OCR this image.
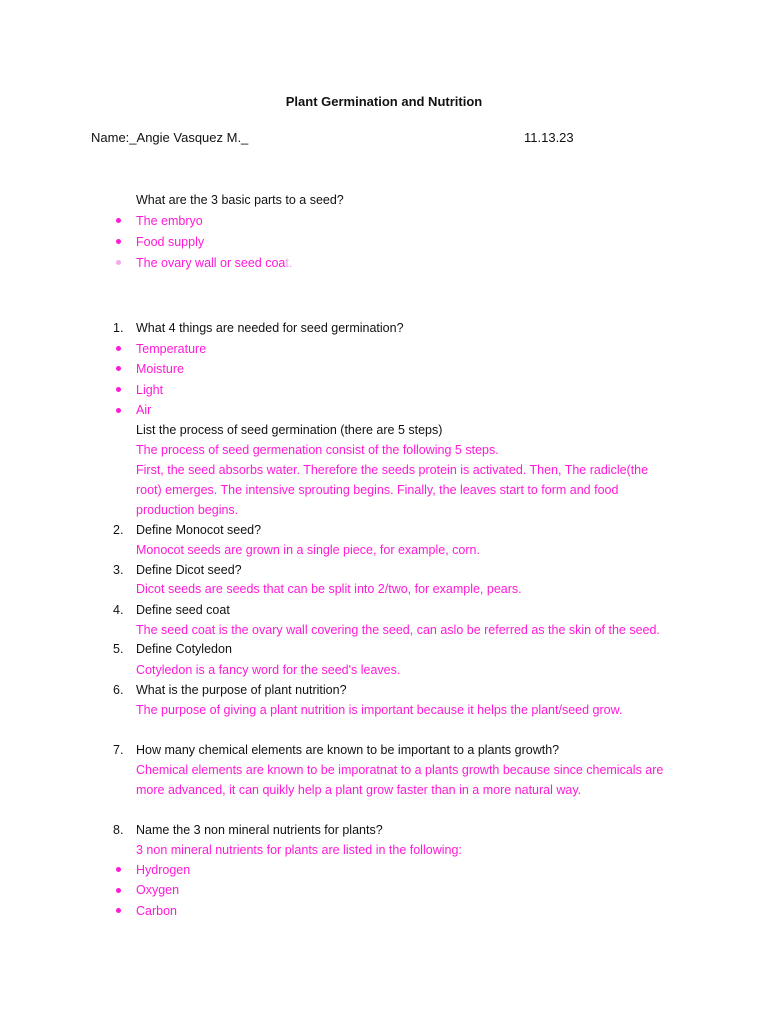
Plant Germination and Nutrition
Name:_Angie Vasquez M._	11.13.23
What are the 3 basic parts to a seed?
The embryo
Food supply
The ovary wall or seed coat.
1. What 4 things are needed for seed germination?
Temperature
Moisture
Light
Air
List the process of seed germination (there are 5 steps)
The process of seed germenation consist of the following 5 steps.
First, the seed absorbs water. Therefore the seeds protein is activated. Then, The radicle(the
root) emerges. The intensive sprouting begins. Finally, the leaves start to form and food
production begins.
2. Define Monocot seed?
Monocot seeds are grown in a single piece, for example, corn.
3. Define Dicot seed?
Dicot seeds are seeds that can be split into 2/two, for example, pears.
4. Define seed coat
The seed coat is the ovary wall covering the seed, can aslo be referred as the skin of the seed.
5. Define Cotyledon
Cotyledon is a fancy word for the seed's leaves.
6. What is the purpose of plant nutrition?
The purpose of giving a plant nutrition is important because it helps the plant/seed grow.
7. How many chemical elements are known to be important to a plants growth?
Chemical elements are known to be imporatnat to a plants growth because since chemicals are
more advanced, it can quikly help a plant grow faster than in a more natural way.
8. Name the 3 non mineral nutrients for plants?
3 non mineral nutrients for plants are listed in the following:
Hydrogen
Oxygen
Carbon
